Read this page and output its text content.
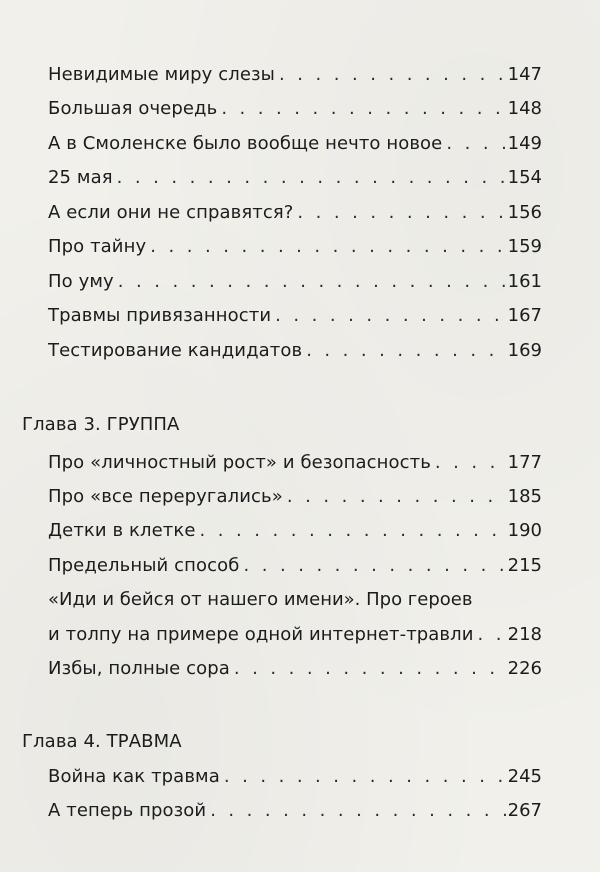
Невидимые миру слезы . . .	147
Большая очередь . . .	148
А в Смоленске было вообще нечто новое . . .	149
25 мая . . .	154
А если они не справятся? . . .	156
Про тайну . . .	159
По уму . . .	161
Травмы привязанности . . .	167
Тестирование кандидатов . . .	169
Глава 3. ГРУППА
Про «личностный рост» и безопасность . . .	177
Про «все переругались» . . .	185
Детки в клетке . . .	190
Предельный способ . . .	215
«Иди и бейся от нашего имени». Про героев
и толпу на примере одной интернет-травли . . . 218
Избы, полные сора . . .	226
Глава 4. ТРАВМА
Война как травма . . .	245
А теперь прозой . . .	267
